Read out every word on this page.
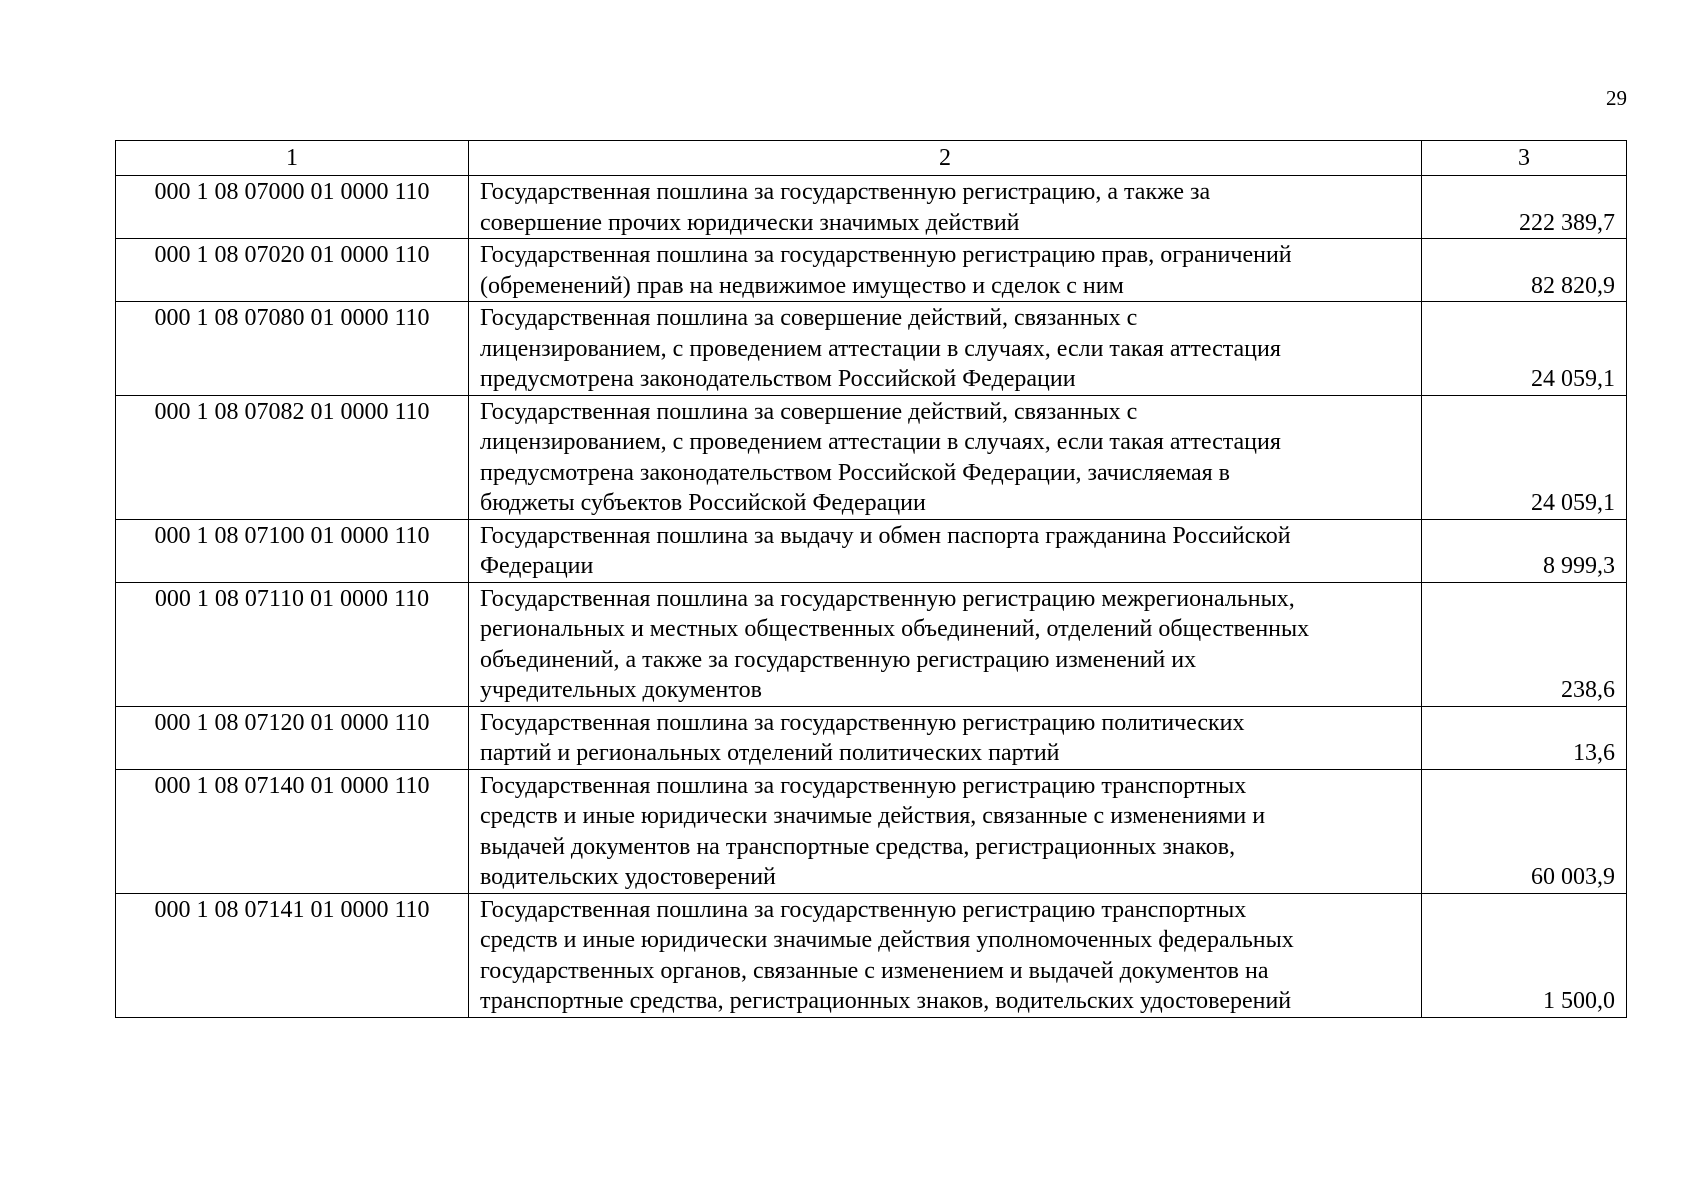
29
1	2	3
000 1 08 07000 01 0000 110	Государственная пошлина за государственную регистрацию, а также за
совершение прочих юридически значимых действий	222 389,7
000 1 08 07020 01 0000 110	Государственная пошлина за государственную регистрацию прав, ограничений
(обременений) прав на недвижимое имущество и сделок с ним	82 820,9
000 1 08 07080 01 0000 110	Государственная пошлина за совершение действий, связанных с
лицензированием, с проведением аттестации в случаях, если такая аттестация
предусмотрена законодательством Российской Федерации	24 059,1
000 1 08 07082 01 0000 110	Государственная пошлина за совершение действий, связанных с
лицензированием, с проведением аттестации в случаях, если такая аттестация
предусмотрена законодательством Российской Федерации, зачисляемая в
бюджеты субъектов Российской Федерации	24 059,1
000 1 08 07100 01 0000 110	Государственная пошлина за выдачу и обмен паспорта гражданина Российской
Федерации	8 999,3
000 1 08 07110 01 0000 110	Государственная пошлина за государственную регистрацию межрегиональных,
региональных и местных общественных объединений, отделений общественных
объединений, а также за государственную регистрацию изменений их
учредительных документов	238,6
000 1 08 07120 01 0000 110	Государственная пошлина за государственную регистрацию политических
партий и региональных отделений политических партий	13,6
000 1 08 07140 01 0000 110	Государственная пошлина за государственную регистрацию транспортных
средств и иные юридически значимые действия, связанные с изменениями и
выдачей документов на транспортные средства, регистрационных знаков,
водительских удостоверений	60 003,9
000 1 08 07141 01 0000 110	Государственная пошлина за государственную регистрацию транспортных
средств и иные юридически значимые действия уполномоченных федеральных
государственных органов, связанные с изменением и выдачей документов на
транспортные средства, регистрационных знаков, водительских удостоверений	1 500,0
